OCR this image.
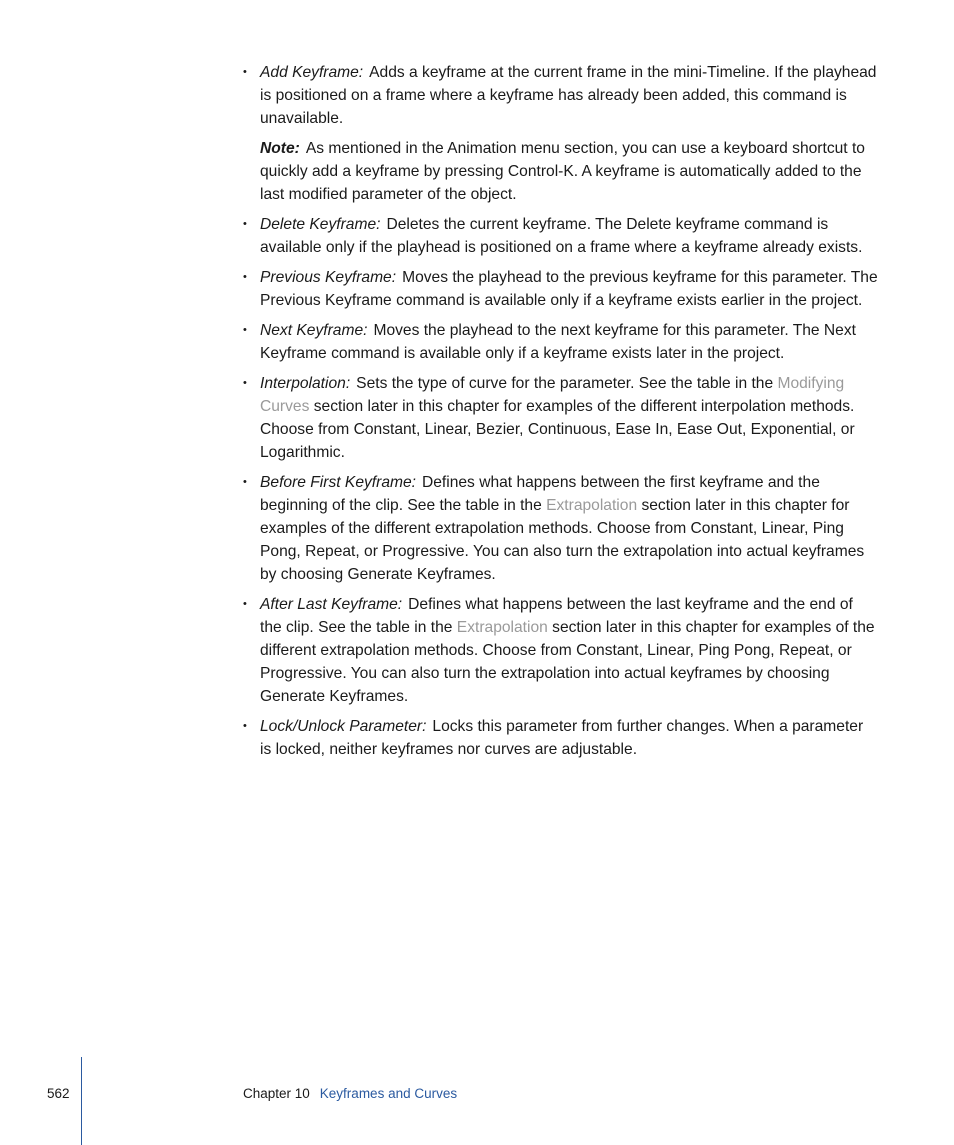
• Add Keyframe: Adds a keyframe at the current frame in the mini-Timeline. If the playhead is positioned on a frame where a keyframe has already been added, this command is unavailable.
Note: As mentioned in the Animation menu section, you can use a keyboard shortcut to quickly add a keyframe by pressing Control-K. A keyframe is automatically added to the last modified parameter of the object.
• Delete Keyframe: Deletes the current keyframe. The Delete keyframe command is available only if the playhead is positioned on a frame where a keyframe already exists.
• Previous Keyframe: Moves the playhead to the previous keyframe for this parameter. The Previous Keyframe command is available only if a keyframe exists earlier in the project.
• Next Keyframe: Moves the playhead to the next keyframe for this parameter. The Next Keyframe command is available only if a keyframe exists later in the project.
• Interpolation: Sets the type of curve for the parameter. See the table in the Modifying Curves section later in this chapter for examples of the different interpolation methods. Choose from Constant, Linear, Bezier, Continuous, Ease In, Ease Out, Exponential, or Logarithmic.
• Before First Keyframe: Defines what happens between the first keyframe and the beginning of the clip. See the table in the Extrapolation section later in this chapter for examples of the different extrapolation methods. Choose from Constant, Linear, Ping Pong, Repeat, or Progressive. You can also turn the extrapolation into actual keyframes by choosing Generate Keyframes.
• After Last Keyframe: Defines what happens between the last keyframe and the end of the clip. See the table in the Extrapolation section later in this chapter for examples of the different extrapolation methods. Choose from Constant, Linear, Ping Pong, Repeat, or Progressive. You can also turn the extrapolation into actual keyframes by choosing Generate Keyframes.
• Lock/Unlock Parameter: Locks this parameter from further changes. When a parameter is locked, neither keyframes nor curves are adjustable.
562	Chapter 10 Keyframes and Curves
